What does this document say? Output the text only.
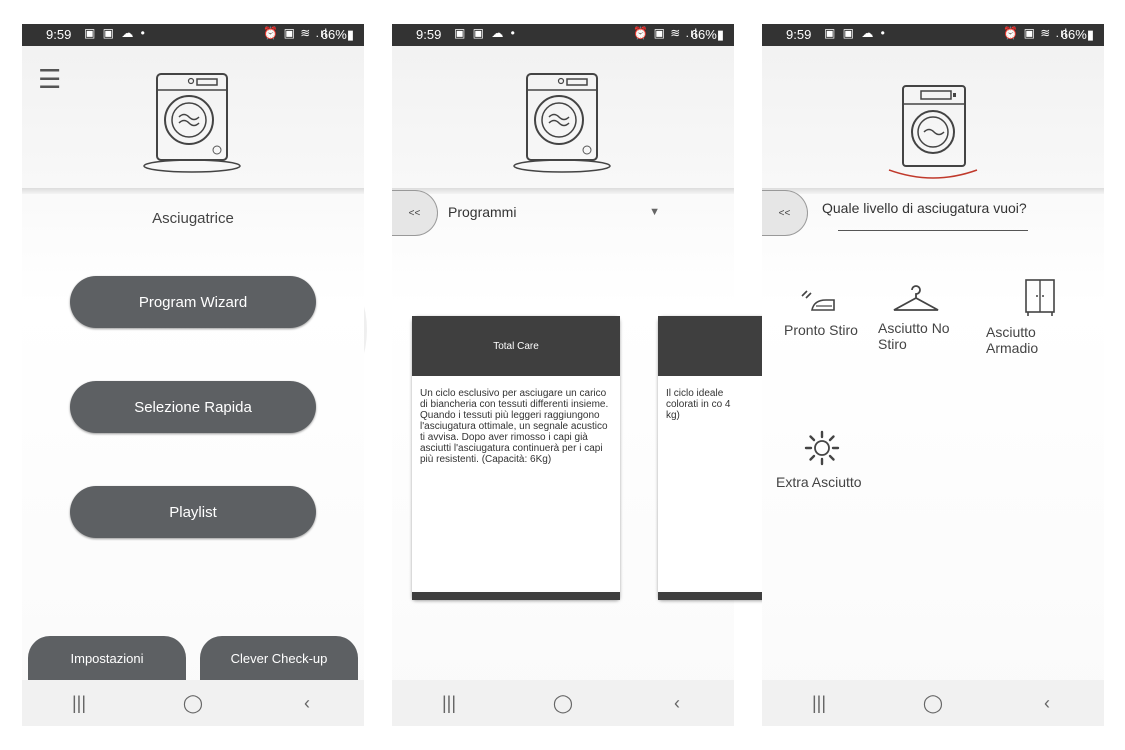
9:59 ▣ ▣ ☁ •	⏰ ▣ ≋ .ıl
66%▮
☰
Asciugatrice
Program Wizard
Selezione Rapida
Playlist
Impostazioni	Clever Check-up
|||	◯	‹
9:59 ▣ ▣ ☁ •	⏰ ▣ ≋ .ıl
66%▮
<<	Programmi	▼
Total Care
Un ciclo esclusivo per asciugare un carico di biancheria con tessuti differenti insieme. Quando i tessuti più leggeri raggiungono l'asciugatura ottimale, un segnale acustico ti avvisa. Dopo aver rimosso i capi già asciutti l'asciugatura continuerà per i capi più resistenti. (Capacità: 6Kg)
Il ciclo ideale colorati in co 4 kg)
|||	◯	‹
9:59 ▣ ▣ ☁ •	⏰ ▣ ≋ .ıl
66%▮
<<	Quale livello di asciugatura vuoi?
Pronto Stiro Asciutto No
Stiro
Asciutto
Armadio
Extra Asciutto
|||	◯	‹
